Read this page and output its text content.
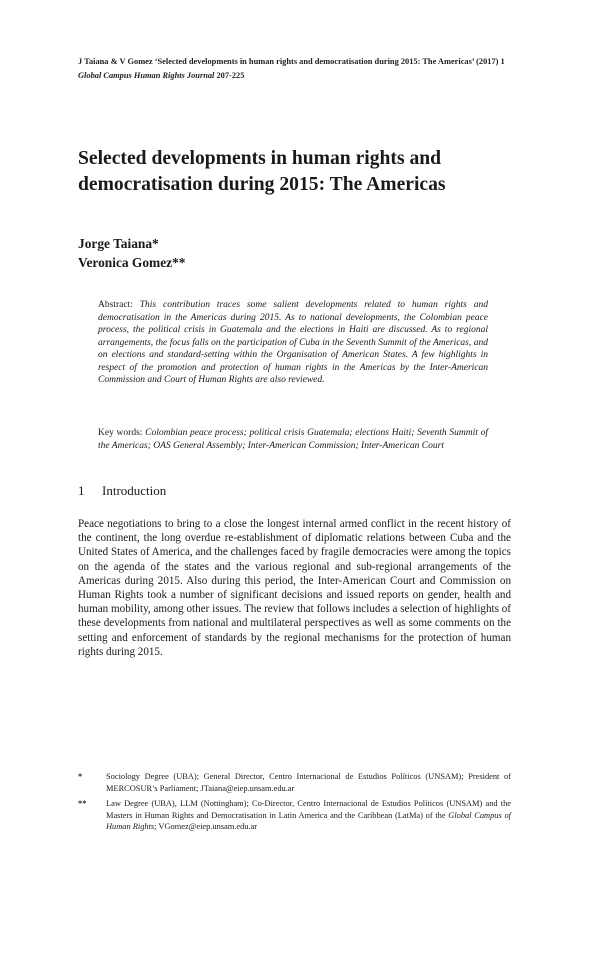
J Taiana & V Gomez ‘Selected developments in human rights and democratisation during 2015: The Americas’ (2017) 1 Global Campus Human Rights Journal 207-225
Selected developments in human rights and democratisation during 2015: The Americas
Jorge Taiana*
Veronica Gomez**
Abstract: This contribution traces some salient developments related to human rights and democratisation in the Americas during 2015. As to national developments, the Colombian peace process, the political crisis in Guatemala and the elections in Haiti are discussed. As to regional arrangements, the focus falls on the participation of Cuba in the Seventh Summit of the Americas, and on elections and standard-setting within the Organisation of American States. A few highlights in respect of the promotion and protection of human rights in the Americas by the Inter-American Commission and Court of Human Rights are also reviewed.
Key words: Colombian peace process; political crisis Guatemala; elections Haiti; Seventh Summit of the Americas; OAS General Assembly; Inter-American Commission; Inter-American Court
1 Introduction

Peace negotiations to bring to a close the longest internal armed conflict in the recent history of the continent, the long overdue re-establishment of diplomatic relations between Cuba and the United States of America, and the challenges faced by fragile democracies were among the topics on the agenda of the states and the various regional and sub-regional arrangements of the Americas during 2015. Also during this period, the Inter-American Court and Commission on Human Rights took a number of significant decisions and issued reports on gender, health and human mobility, among other issues. The review that follows includes a selection of highlights of these developments from national and multilateral perspectives as well as some comments on the setting and enforcement of standards by the regional mechanisms for the protection of human rights during 2015.

*	Sociology Degree (UBA); General Director, Centro Internacional de Estudios Políticos (UNSAM); President of MERCOSUR’s Parliament; JTaiana@eiep.unsam.edu.ar
**	Law Degree (UBA), LLM (Nottingham); Co-Director, Centro Internacional de Estudios Políticos (UNSAM) and the Masters in Human Rights and Democratisation in Latin America and the Caribbean (LatMa) of the Global Campus of Human Rights; VGomez@eiep.unsam.edu.ar
